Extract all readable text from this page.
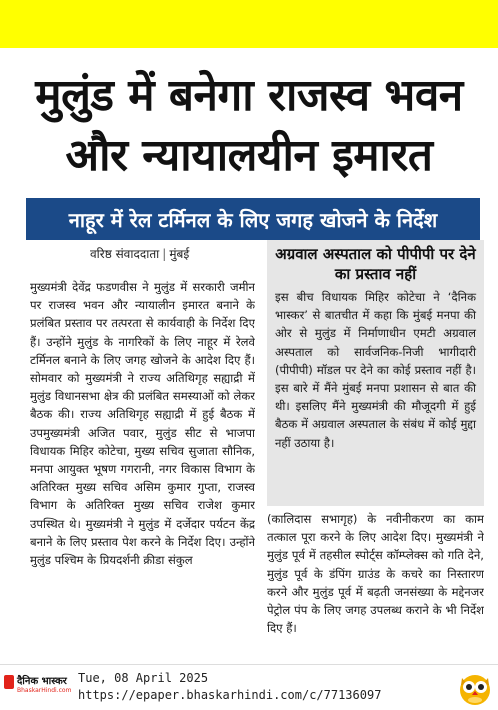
मुलुंड में बनेगा राजस्व भवन
और न्यायालयीन इमारत
नाहूर में रेल टर्मिनल के लिए जगह खोजने के निर्देश
वरिष्ठ संवाददाता | मुंबई

मुख्यमंत्री देवेंद्र फडणवीस ने मुलुंड में सरकारी जमीन पर राजस्व भवन और न्यायालीन इमारत बनाने के प्रलंबित प्रस्ताव पर तत्परता से कार्यवाही के निर्देश दिए हैं। उन्होंने मुलुंड के नागरिकों के लिए नाहूर में रेलवे टर्मिनल बनाने के लिए जगह खोजने के आदेश दिए हैं। सोमवार को मुख्यमंत्री ने राज्य अतिथिगृह सह्याद्री में मुलुंड विधानसभा क्षेत्र की प्रलंबित समस्याओं को लेकर बैठक की। राज्य अतिथिगृह सह्याद्री में हुई बैठक में उपमुख्यमंत्री अजित पवार, मुलुंड सीट से भाजपा विधायक मिहिर कोटेचा, मुख्य सचिव सुजाता सौनिक, मनपा आयुक्त भूषण गगरानी, नगर विकास विभाग के अतिरिक्त मुख्य सचिव असिम कुमार गुप्ता, राजस्व विभाग के अतिरिक्त मुख्य सचिव राजेश कुमार उपस्थित थे। मुख्यमंत्री ने मुलुंड में दर्जेदार पर्यटन केंद्र बनाने के लिए प्रस्ताव पेश करने के निर्देश दिए। उन्होंने मुलुंड पश्चिम के प्रियदर्शनी क्रीडा संकुल

अग्रवाल अस्पताल को पीपीपी पर देने का प्रस्ताव नहीं
इस बीच विधायक मिहिर कोटेचा ने ‘दैनिक भास्कर’ से बातचीत में कहा कि मुंबई मनपा की ओर से मुलुंड में निर्माणाधीन एमटी अग्रवाल अस्पताल को सार्वजनिक-निजी भागीदारी (पीपीपी) मॉडल पर देने का कोई प्रस्ताव नहीं है। इस बारे में मैंने मुंबई मनपा प्रशासन से बात की थी। इसलिए मैंने मुख्यमंत्री की मौजूदगी में हुई बैठक में अग्रवाल अस्पताल के संबंध में कोई मुद्दा नहीं उठाया है।

(कालिदास सभागृह) के नवीनीकरण का काम तत्काल पूरा करने के लिए आदेश दिए। मुख्यमंत्री ने मुलुंड पूर्व में तहसील स्पोर्ट्स कॉम्प्लेक्स को गति देने, मुलुंड पूर्व के डंपिंग ग्राउंड के कचरे का निस्तारण करने और मुलुंड पूर्व में बढ़ती जनसंख्या के मद्देनजर पेट्रोल पंप के लिए जगह उपलब्ध कराने के भी निर्देश दिए हैं।

दैनिक भास्कर
BhaskarHindi.com
Tue, 08 April 2025
https://epaper.bhaskarhindi.com/c/77136097
